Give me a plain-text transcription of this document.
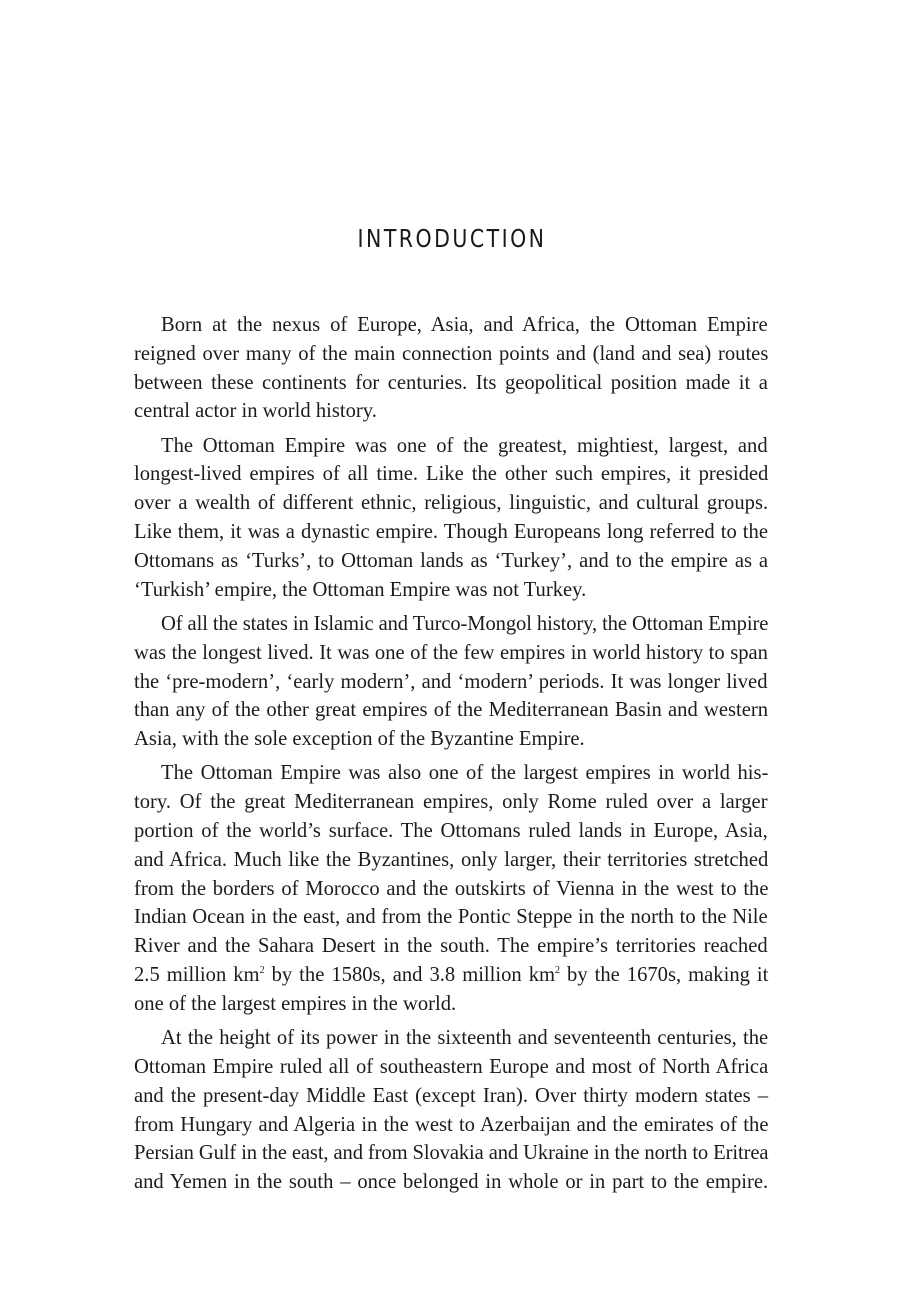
INTRODUCTION

Born at the nexus of Europe, Asia, and Africa, the Ottoman Empire
reigned over many of the main connection points and (land and sea) routes
between these continents for centuries. Its geopolitical position made it a
central actor in world history.

The Ottoman Empire was one of the greatest, mightiest, largest, and
longest-lived empires of all time. Like the other such empires, it presided
over a wealth of different ethnic, religious, linguistic, and cultural groups.
Like them, it was a dynastic empire. Though Europeans long referred to the
Ottomans as ‘Turks’, to Ottoman lands as ‘Turkey’, and to the empire as a
‘Turkish’ empire, the Ottoman Empire was not Turkey.

Of all the states in Islamic and Turco-Mongol history, the Ottoman Empire
was the longest lived. It was one of the few empires in world history to span
the ‘pre-modern’, ‘early modern’, and ‘modern’ periods. It was longer lived
than any of the other great empires of the Mediterranean Basin and western
Asia, with the sole exception of the Byzantine Empire.

The Ottoman Empire was also one of the largest empires in world his-
tory. Of the great Mediterranean empires, only Rome ruled over a larger
portion of the world’s surface. The Ottomans ruled lands in Europe, Asia,
and Africa. Much like the Byzantines, only larger, their territories stretched
from the borders of Morocco and the outskirts of Vienna in the west to the
Indian Ocean in the east, and from the Pontic Steppe in the north to the Nile
River and the Sahara Desert in the south. The empire’s territories reached
2.5 million $km^2$ by the 1580s, and 3.8 million $km^2$ by the 1670s, making it
one of the largest empires in the world.

At the height of its power in the sixteenth and seventeenth centuries, the
Ottoman Empire ruled all of southeastern Europe and most of North Africa
and the present-day Middle East (except Iran). Over thirty modern states –
from Hungary and Algeria in the west to Azerbaijan and the emirates of the
Persian Gulf in the east, and from Slovakia and Ukraine in the north to Eritrea
and Yemen in the south – once belonged in whole or in part to the empire.
